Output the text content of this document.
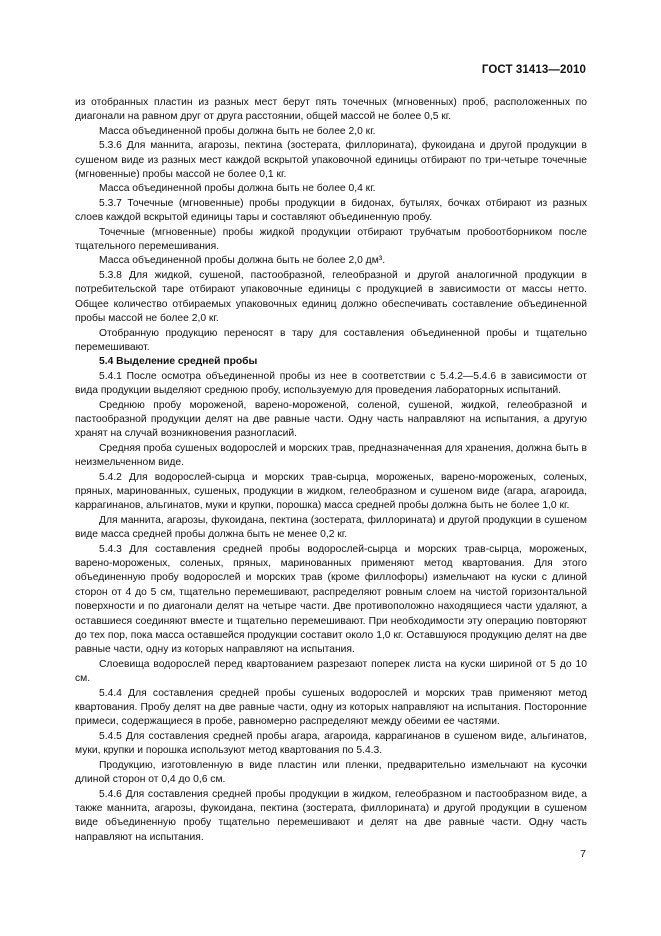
ГОСТ 31413—2010

из отобранных пластин из разных мест берут пять точечных (мгновенных) проб, расположенных по диагонали на равном друг от друга расстоянии, общей массой не более 0,5 кг.

Масса объединенной пробы должна быть не более 2,0 кг.

5.3.6 Для маннита, агарозы, пектина (зостерата, филлорината), фукоидана и другой продукции в сушеном виде из разных мест каждой вскрытой упаковочной единицы отбирают по три-четыре точечные (мгновенные) пробы массой не более 0,1 кг.

Масса объединенной пробы должна быть не более 0,4 кг.

5.3.7 Точечные (мгновенные) пробы продукции в бидонах, бутылях, бочках отбирают из разных слоев каждой вскрытой единицы тары и составляют объединенную пробу.

Точечные (мгновенные) пробы жидкой продукции отбирают трубчатым пробоотборником после тщательного перемешивания.

Масса объединенной пробы должна быть не более 2,0 дм³.

5.3.8 Для жидкой, сушеной, пастообразной, гелеобразной и другой аналогичной продукции в потребительской таре отбирают упаковочные единицы с продукцией в зависимости от массы нетто. Общее количество отбираемых упаковочных единиц должно обеспечивать составление объединенной пробы массой не более 2,0 кг.

Отобранную продукцию переносят в тару для составления объединенной пробы и тщательно перемешивают.

5.4 Выделение средней пробы

5.4.1 После осмотра объединенной пробы из нее в соответствии с 5.4.2—5.4.6 в зависимости от вида продукции выделяют среднюю пробу, используемую для проведения лабораторных испытаний.

Среднюю пробу мороженой, варено-мороженой, соленой, сушеной, жидкой, гелеобразной и пастообразной продукции делят на две равные части. Одну часть направляют на испытания, а другую хранят на случай возникновения разногласий.

Средняя проба сушеных водорослей и морских трав, предназначенная для хранения, должна быть в неизмельченном виде.

5.4.2 Для водорослей-сырца и морских трав-сырца, мороженых, варено-мороженых, соленых, пряных, маринованных, сушеных, продукции в жидком, гелеобразном и сушеном виде (агара, агароида, каррагинанов, альгинатов, муки и крупки, порошка) масса средней пробы должна быть не более 1,0 кг.

Для маннита, агарозы, фукоидана, пектина (зостерата, филлорината) и другой продукции в сушеном виде масса средней пробы должна быть не менее 0,2 кг.

5.4.3 Для составления средней пробы водорослей-сырца и морских трав-сырца, мороженых, варено-мороженых, соленых, пряных, маринованных применяют метод квартования. Для этого объединенную пробу водорослей и морских трав (кроме филлофоры) измельчают на куски с длиной сторон от 4 до 5 см, тщательно перемешивают, распределяют ровным слоем на чистой горизонтальной поверхности и по диагонали делят на четыре части. Две противоположно находящиеся части удаляют, а оставшиеся соединяют вместе и тщательно перемешивают. При необходимости эту операцию повторяют до тех пор, пока масса оставшейся продукции составит около 1,0 кг. Оставшуюся продукцию делят на две равные части, одну из которых направляют на испытания.

Слоевища водорослей перед квартованием разрезают поперек листа на куски шириной от 5 до 10 см.

5.4.4 Для составления средней пробы сушеных водорослей и морских трав применяют метод квартования. Пробу делят на две равные части, одну из которых направляют на испытания. Посторонние примеси, содержащиеся в пробе, равномерно распределяют между обеими ее частями.

5.4.5 Для составления средней пробы агара, агароида, каррагинанов в сушеном виде, альгинатов, муки, крупки и порошка используют метод квартования по 5.4.3.

Продукцию, изготовленную в виде пластин или пленки, предварительно измельчают на кусочки длиной сторон от 0,4 до 0,6 см.

5.4.6 Для составления средней пробы продукции в жидком, гелеобразном и пастообразном виде, а также маннита, агарозы, фукоидана, пектина (зостерата, филлорината) и другой продукции в сушеном виде объединенную пробу тщательно перемешивают и делят на две равные части. Одну часть направляют на испытания.

7
